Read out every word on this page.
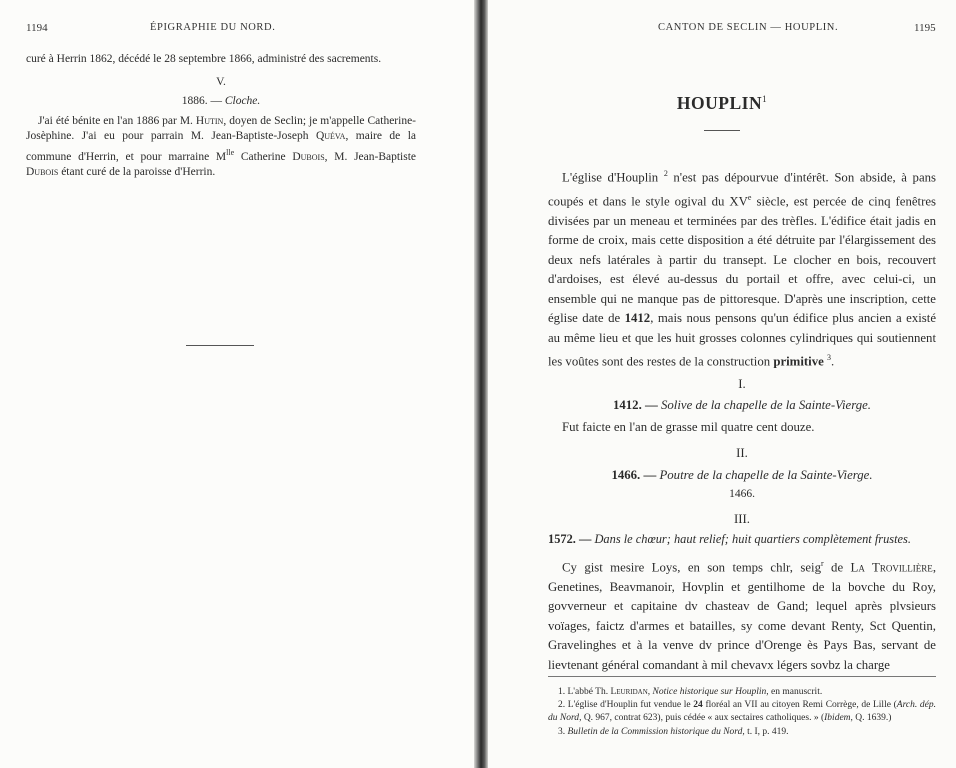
1194	ÉPIGRAPHIE DU NORD.
curé à Herrin 1862, décédé le 28 septembre 1866, administré des sacrements.
V.
1886. — Cloche.
J'ai été bénite en l'an 1886 par M. Hutin, doyen de Seclin; je m'appelle Catherine-Josèphine. J'ai eu pour parrain M. Jean-Baptiste-Joseph Quéva, maire de la commune d'Herrin, et pour marraine $M^{lle}$ Catherine Dubois, M. Jean-Baptiste Dubois étant curé de la paroisse d'Herrin.
CANTON DE SECLIN — HOUPLIN.	1195
HOUPLIN$^1$

L'église d'Houplin $^2$ n'est pas dépourvue d'intérêt. Son abside, à pans coupés et dans le style ogival du XVe siècle, est percée de cinq fenêtres divisées par un meneau et terminées par des trèfles. L'édifice était jadis en forme de croix, mais cette disposition a été détruite par l'élargissement des deux nefs latérales à partir du transept. Le clocher en bois, recouvert d'ardoises, est élevé au-dessus du portail et offre, avec celui-ci, un ensemble qui ne manque pas de pittoresque. D'après une inscription, cette église date de 1412, mais nous pensons qu'un édifice plus ancien a existé au même lieu et que les huit grosses colonnes cylindriques qui soutiennent les voûtes sont des restes de la construction primitive $^3$.

I.

1412. — Solive de la chapelle de la Sainte-Vierge.

Fut faicte en l'an de grasse mil quatre cent douze.

II.

1466. — Poutre de la chapelle de la Sainte-Vierge.

1466.

III.

1572. — Dans le chœur; haut relief; huit quartiers complètement frustes.

Cy gist mesire Loys, en son temps chlr, seig$^r$ de La Trovillière, Genetines, Beavmanoir, Hovplin et gentilhome de la bovche du Roy, govverneur et capitaine dv chasteav de Gand; lequel après plvsieurs voïages, faictz d'armes et batailles, sy come devant Renty, Sct Quentin, Gravelinghes et à la venve dv prince d'Orenge ès Pays Bas, servant de lievtenant général comandant à mil chevavx légers sovbz la charge

1. L'abbé Th. Leuridan, Notice historique sur Houplin, en manuscrit.

2. L'église d'Houplin fut vendue le 24 floréal an VII au citoyen Remi Corrège, de Lille (Arch. dép. du Nord, Q. 967, contrat 623), puis cédée « aux sectaires catholiques. » (Ibidem, Q. 1639.)

3. Bulletin de la Commission historique du Nord, t. I, p. 419.
